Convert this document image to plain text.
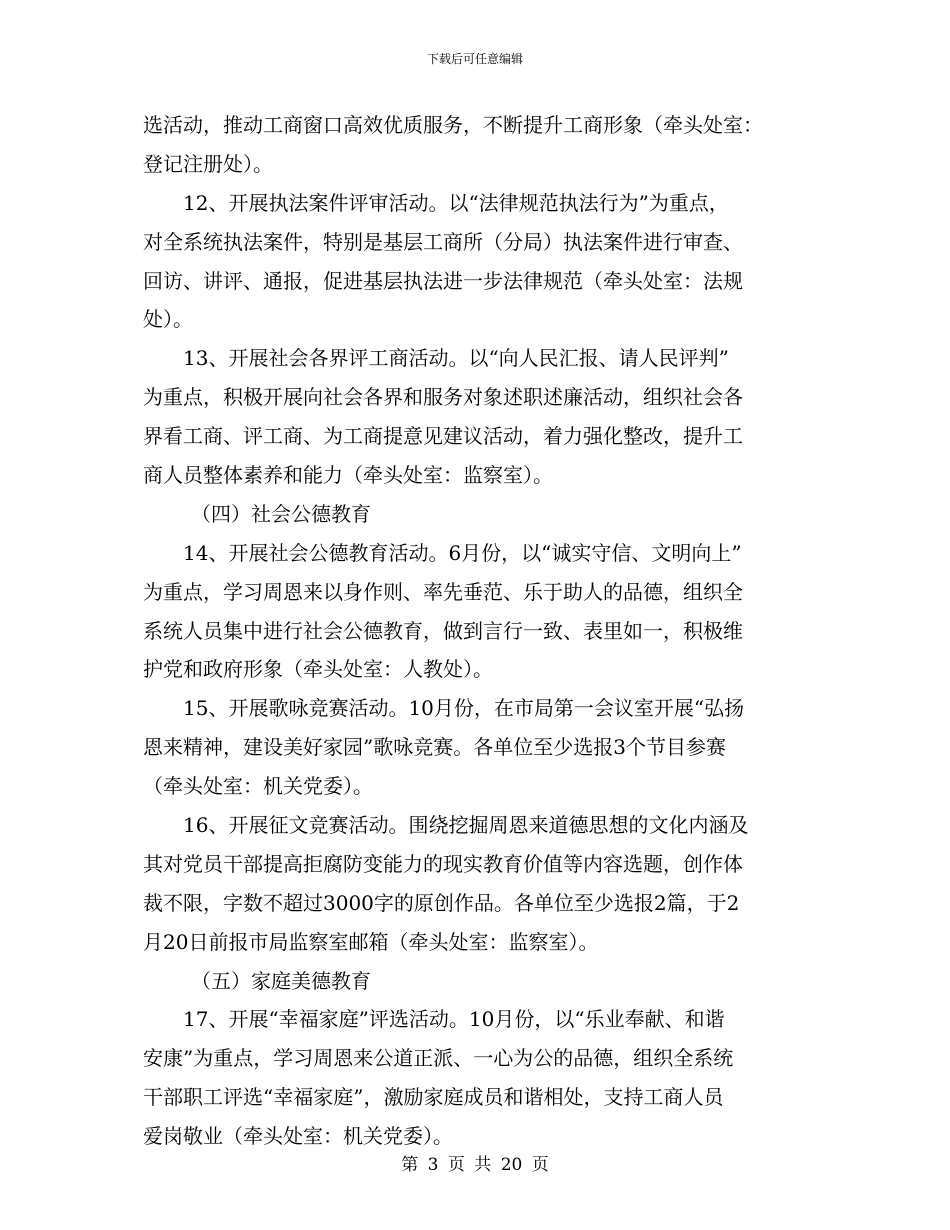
下载后可任意编辑
选活动，推动工商窗口高效优质服务，不断提升工商形象（牵头处室：
登记注册处）。
12、开展执法案件评审活动。以“法律规范执法行为”为重点，
对全系统执法案件，特别是基层工商所（分局）执法案件进行审查、
回访、讲评、通报，促进基层执法进一步法律规范（牵头处室：法规
处）。
13、开展社会各界评工商活动。以“向人民汇报、请人民评判”
为重点，积极开展向社会各界和服务对象述职述廉活动，组织社会各
界看工商、评工商、为工商提意见建议活动，着力强化整改，提升工
商人员整体素养和能力（牵头处室：监察室）。
（四）社会公德教育
14、开展社会公德教育活动。6月份，以“诚实守信、文明向上”
为重点，学习周恩来以身作则、率先垂范、乐于助人的品德，组织全
系统人员集中进行社会公德教育，做到言行一致、表里如一，积极维
护党和政府形象（牵头处室：人教处）。
15、开展歌咏竞赛活动。10月份，在市局第一会议室开展“弘扬
恩来精神，建设美好家园”歌咏竞赛。各单位至少选报3个节目参赛
（牵头处室：机关党委）。
16、开展征文竞赛活动。围绕挖掘周恩来道德思想的文化内涵及
其对党员干部提高拒腐防变能力的现实教育价值等内容选题，创作体
裁不限，字数不超过3000字的原创作品。各单位至少选报2篇，于2
月20日前报市局监察室邮箱（牵头处室：监察室）。
（五）家庭美德教育
17、开展“幸福家庭”评选活动。10月份，以“乐业奉献、和谐
安康”为重点，学习周恩来公道正派、一心为公的品德，组织全系统
干部职工评选“幸福家庭”，激励家庭成员和谐相处，支持工商人员
爱岗敬业（牵头处室：机关党委）。
第 3 页 共 20 页
